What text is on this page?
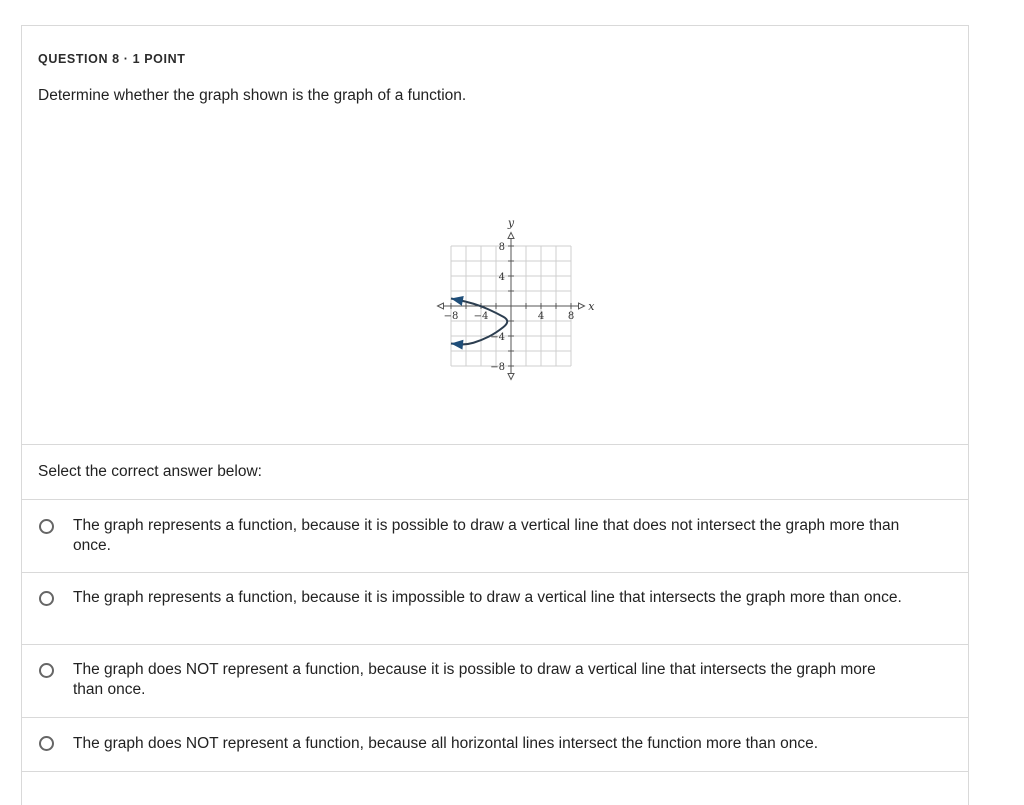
QUESTION 8 · 1 POINT
Determine whether the graph shown is the graph of a function.
−8 −4	4 8
8
4
−4
−8
x
y
Select the correct answer below:
The graph represents a function, because it is possible to draw a vertical line that does not intersect the graph more than once.
The graph represents a function, because it is impossible to draw a vertical line that intersects the graph more than once.
The graph does NOT represent a function, because it is possible to draw a vertical line that intersects the graph more than once.
The graph does NOT represent a function, because all horizontal lines intersect the function more than once.
